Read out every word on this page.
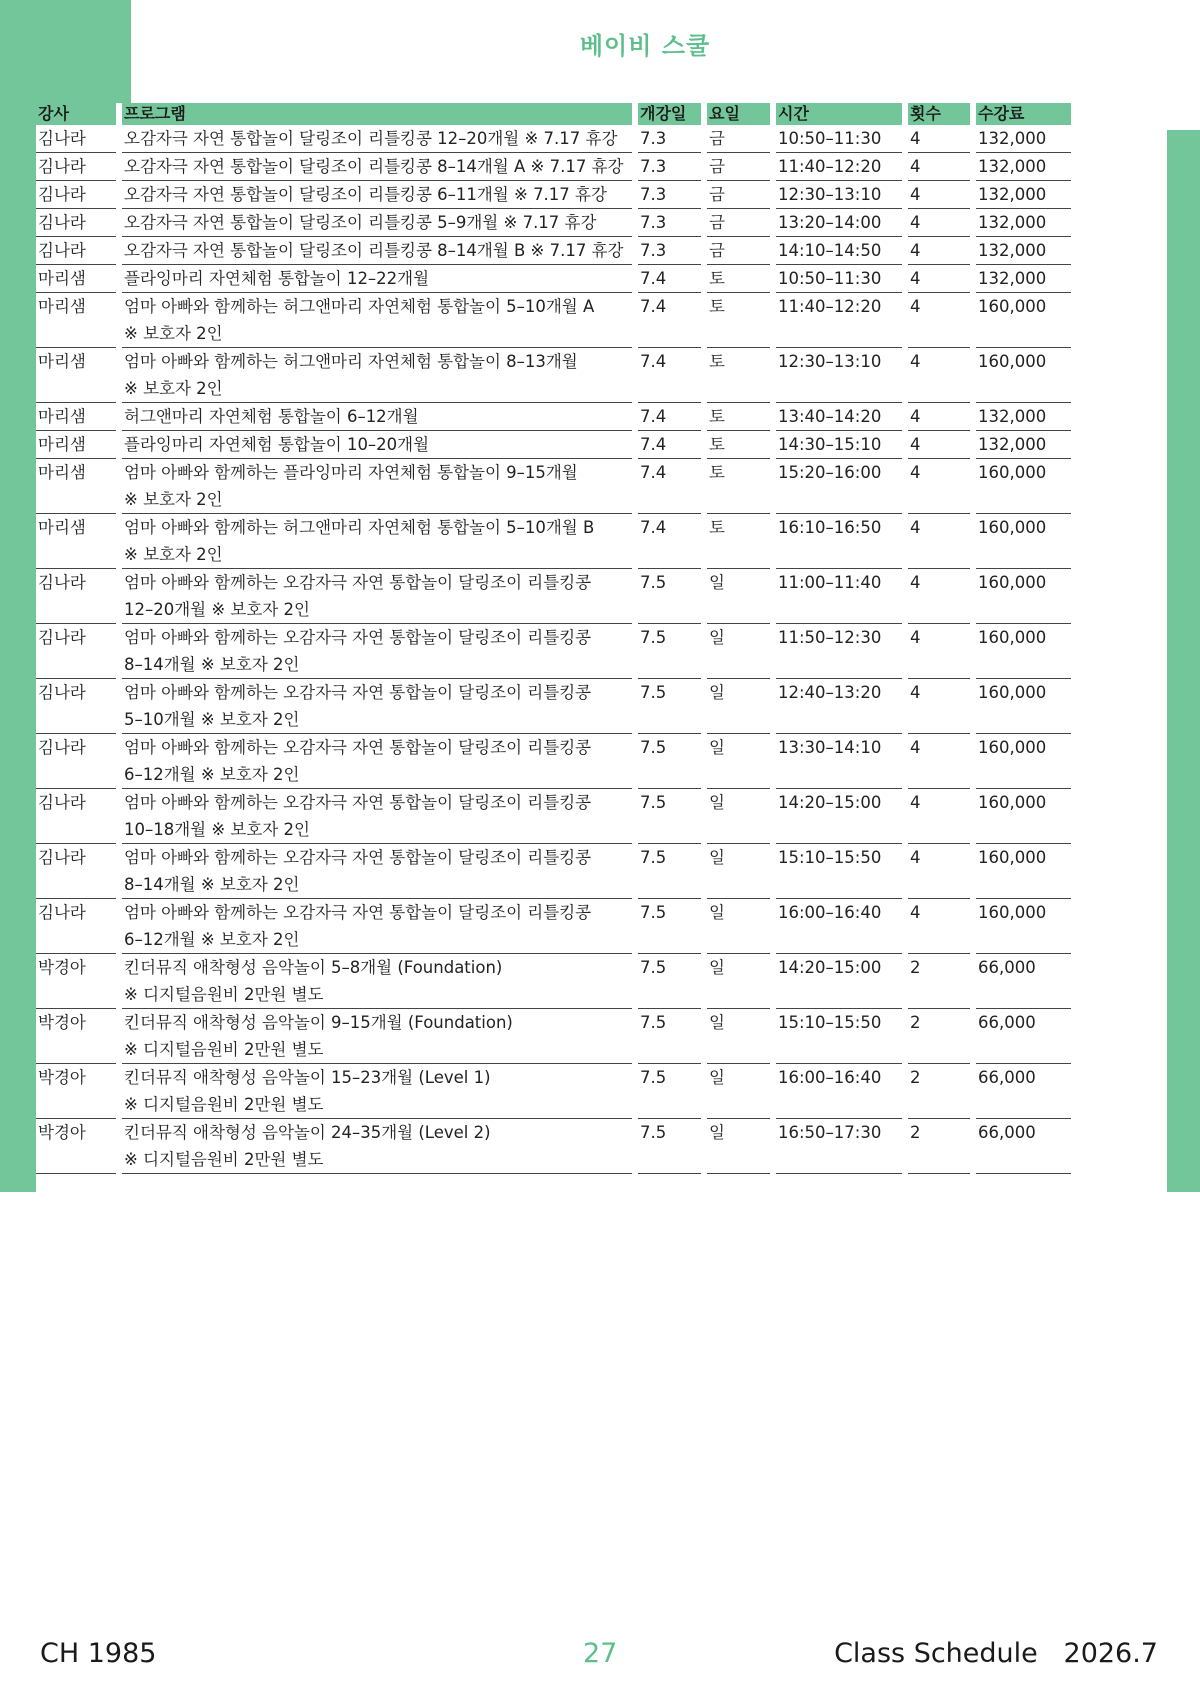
베이비 스쿨
강사	프로그램	개강일	요일	시간	횟수	수강료
김나라	오감자극 자연 통합놀이 달링조이 리틀킹콩 12–20개월 ※ 7.17 휴강	7.3	금	10:50–11:30	4	132,000
김나라	오감자극 자연 통합놀이 달링조이 리틀킹콩 8–14개월 A ※ 7.17 휴강	7.3	금	11:40–12:20	4	132,000
김나라	오감자극 자연 통합놀이 달링조이 리틀킹콩 6–11개월 ※ 7.17 휴강	7.3	금	12:30–13:10	4	132,000
김나라	오감자극 자연 통합놀이 달링조이 리틀킹콩 5–9개월 ※ 7.17 휴강	7.3	금	13:20–14:00	4	132,000
김나라	오감자극 자연 통합놀이 달링조이 리틀킹콩 8–14개월 B ※ 7.17 휴강	7.3	금	14:10–14:50	4	132,000
마리샘	플라잉마리 자연체험 통합놀이 12–22개월	7.4	토	10:50–11:30	4	132,000
마리샘	엄마 아빠와 함께하는 허그앤마리 자연체험 통합놀이 5–10개월 A
※ 보호자 2인	7.4	토	11:40–12:20	4	160,000
마리샘	엄마 아빠와 함께하는 허그앤마리 자연체험 통합놀이 8–13개월
※ 보호자 2인	7.4	토	12:30–13:10	4	160,000
마리샘	허그앤마리 자연체험 통합놀이 6–12개월	7.4	토	13:40–14:20	4	132,000
마리샘	플라잉마리 자연체험 통합놀이 10–20개월	7.4	토	14:30–15:10	4	132,000
마리샘	엄마 아빠와 함께하는 플라잉마리 자연체험 통합놀이 9–15개월
※ 보호자 2인	7.4	토	15:20–16:00	4	160,000
마리샘	엄마 아빠와 함께하는 허그앤마리 자연체험 통합놀이 5–10개월 B
※ 보호자 2인	7.4	토	16:10–16:50	4	160,000
김나라	엄마 아빠와 함께하는 오감자극 자연 통합놀이 달링조이 리틀킹콩
12–20개월 ※ 보호자 2인	7.5	일	11:00–11:40	4	160,000
김나라	엄마 아빠와 함께하는 오감자극 자연 통합놀이 달링조이 리틀킹콩
8–14개월 ※ 보호자 2인	7.5	일	11:50–12:30	4	160,000
김나라	엄마 아빠와 함께하는 오감자극 자연 통합놀이 달링조이 리틀킹콩
5–10개월 ※ 보호자 2인	7.5	일	12:40–13:20	4	160,000
김나라	엄마 아빠와 함께하는 오감자극 자연 통합놀이 달링조이 리틀킹콩
6–12개월 ※ 보호자 2인	7.5	일	13:30–14:10	4	160,000
김나라	엄마 아빠와 함께하는 오감자극 자연 통합놀이 달링조이 리틀킹콩
10–18개월 ※ 보호자 2인	7.5	일	14:20–15:00	4	160,000
김나라	엄마 아빠와 함께하는 오감자극 자연 통합놀이 달링조이 리틀킹콩
8–14개월 ※ 보호자 2인	7.5	일	15:10–15:50	4	160,000
김나라	엄마 아빠와 함께하는 오감자극 자연 통합놀이 달링조이 리틀킹콩
6–12개월 ※ 보호자 2인	7.5	일	16:00–16:40	4	160,000
박경아	킨더뮤직 애착형성 음악놀이 5–8개월 (Foundation)
※ 디지털음원비 2만원 별도	7.5	일	14:20–15:00	2	66,000
박경아	킨더뮤직 애착형성 음악놀이 9–15개월 (Foundation)
※ 디지털음원비 2만원 별도	7.5	일	15:10–15:50	2	66,000
박경아	킨더뮤직 애착형성 음악놀이 15–23개월 (Level 1)
※ 디지털음원비 2만원 별도	7.5	일	16:00–16:40	2	66,000
박경아	킨더뮤직 애착형성 음악놀이 24–35개월 (Level 2)
※ 디지털음원비 2만원 별도	7.5	일	16:50–17:30	2	66,000
CH 1985	27	Class Schedule   2026.7
